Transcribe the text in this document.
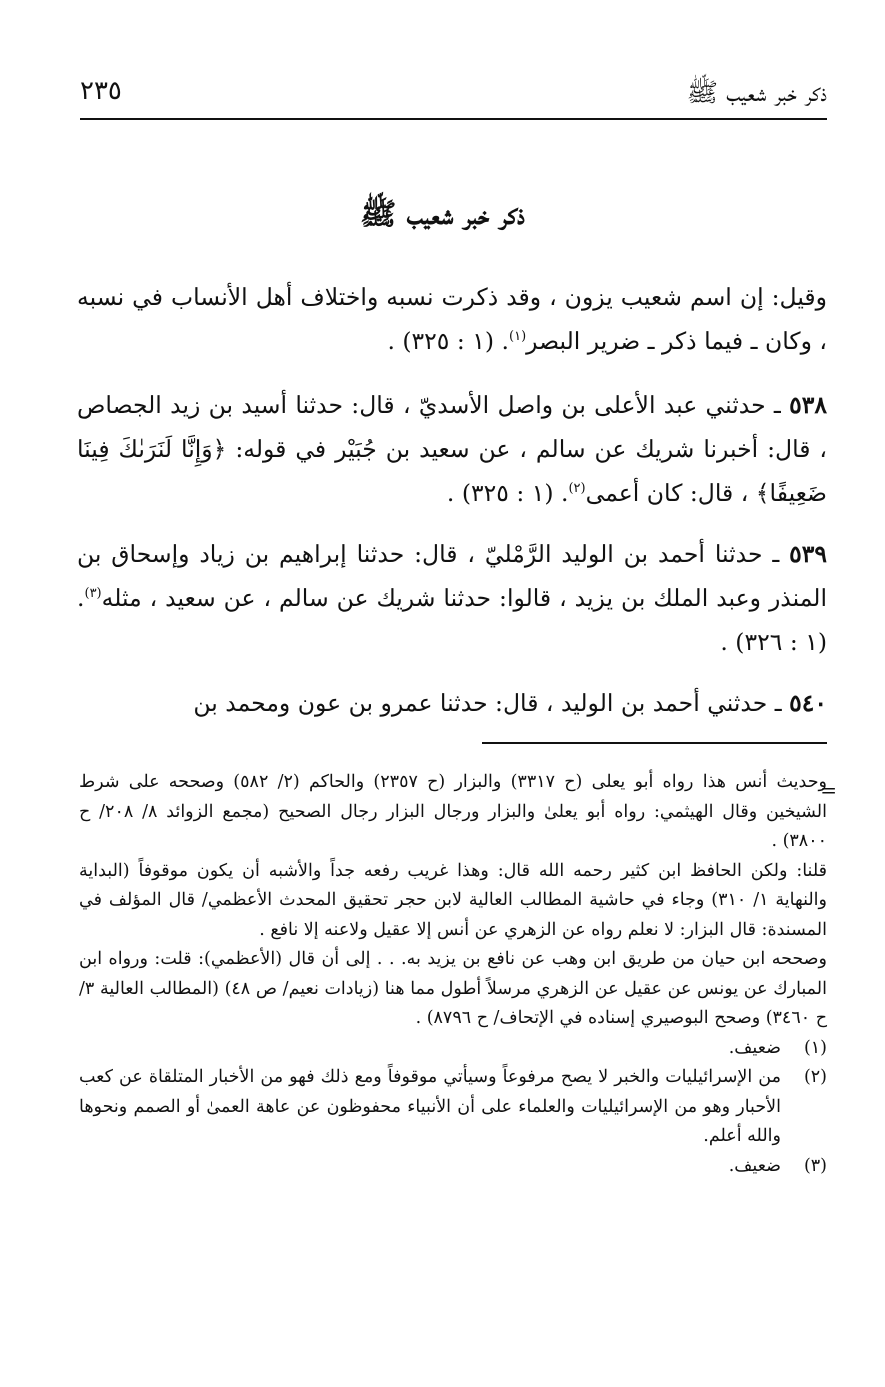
ذكر خبر شعيب ﷺ
٢٣٥
ذكر خبر شعيب ﷺ
وقيل: إن اسم شعيب يزون ، وقد ذكرت نسبه واختلاف أهل الأنساب في نسبه ، وكان ـ فيما ذكر ـ ضرير البصر$^{(١)}$. (١ : ٣٢٥) .
٥٣٨ ـ حدثني عبد الأعلى بن واصل الأسديّ ، قال: حدثنا أسيد بن زيد الجصاص ، قال: أخبرنا شريك عن سالم ، عن سعيد بن جُبَيْر في قوله: ﴿وَإِنَّا لَنَرَىٰكَ فِينَا ضَعِيفًا﴾ ، قال: كان أعمى$^{(٢)}$. (١ : ٣٢٥) .
٥٣٩ ـ حدثنا أحمد بن الوليد الرَّمْليّ ، قال: حدثنا إبراهيم بن زياد وإسحاق بن المنذر وعبد الملك بن يزيد ، قالوا: حدثنا شريك عن سالم ، عن سعيد ، مثله$^{(٣)}$. (١ : ٣٢٦) .
٥٤٠ ـ حدثني أحمد بن الوليد ، قال: حدثنا عمرو بن عون ومحمد بن
=

وحديث أنس هذا رواه أبو يعلى (ح ٣٣١٧) والبزار (ح ٢٣٥٧) والحاكم (٢/ ٥٨٢) وصححه على شرط الشيخين وقال الهيثمي: رواه أبو يعلىٰ والبزار ورجال البزار رجال الصحيح (مجمع الزوائد ٨/ ٢٠٨/ ح ٣٨٠٠) .

قلنا: ولكن الحافظ ابن كثير رحمه الله قال: وهذا غريب رفعه جداً والأشبه أن يكون موقوفاً (البداية والنهاية ١/ ٣١٠) وجاء في حاشية المطالب العالية لابن حجر تحقيق المحدث الأعظمي/ قال المؤلف في المسندة: قال البزار: لا نعلم رواه عن الزهري عن أنس إلا عقيل ولاعنه إلا نافع .

وصححه ابن حيان من طريق ابن وهب عن نافع بن يزيد به. . . إلى أن قال (الأعظمي): قلت: ورواه ابن المبارك عن يونس عن عقيل عن الزهري مرسلاً أطول مما هنا (زيادات نعيم/ ص ٤٨) (المطالب العالية ٣/ح ٣٤٦٠) وصحح البوصيري إسناده في الإتحاف/ ح ٨٧٩٦) .

(١)
ضعيف.
(٢)
من الإسرائيليات والخبر لا يصح مرفوعاً وسيأتي موقوفاً ومع ذلك فهو من الأخبار المتلقاة عن كعب الأحبار وهو من الإسرائيليات والعلماء على أن الأنبياء محفوظون عن عاهة العمىٰ أو الصمم ونحوها والله أعلم.
(٣)
ضعيف.
